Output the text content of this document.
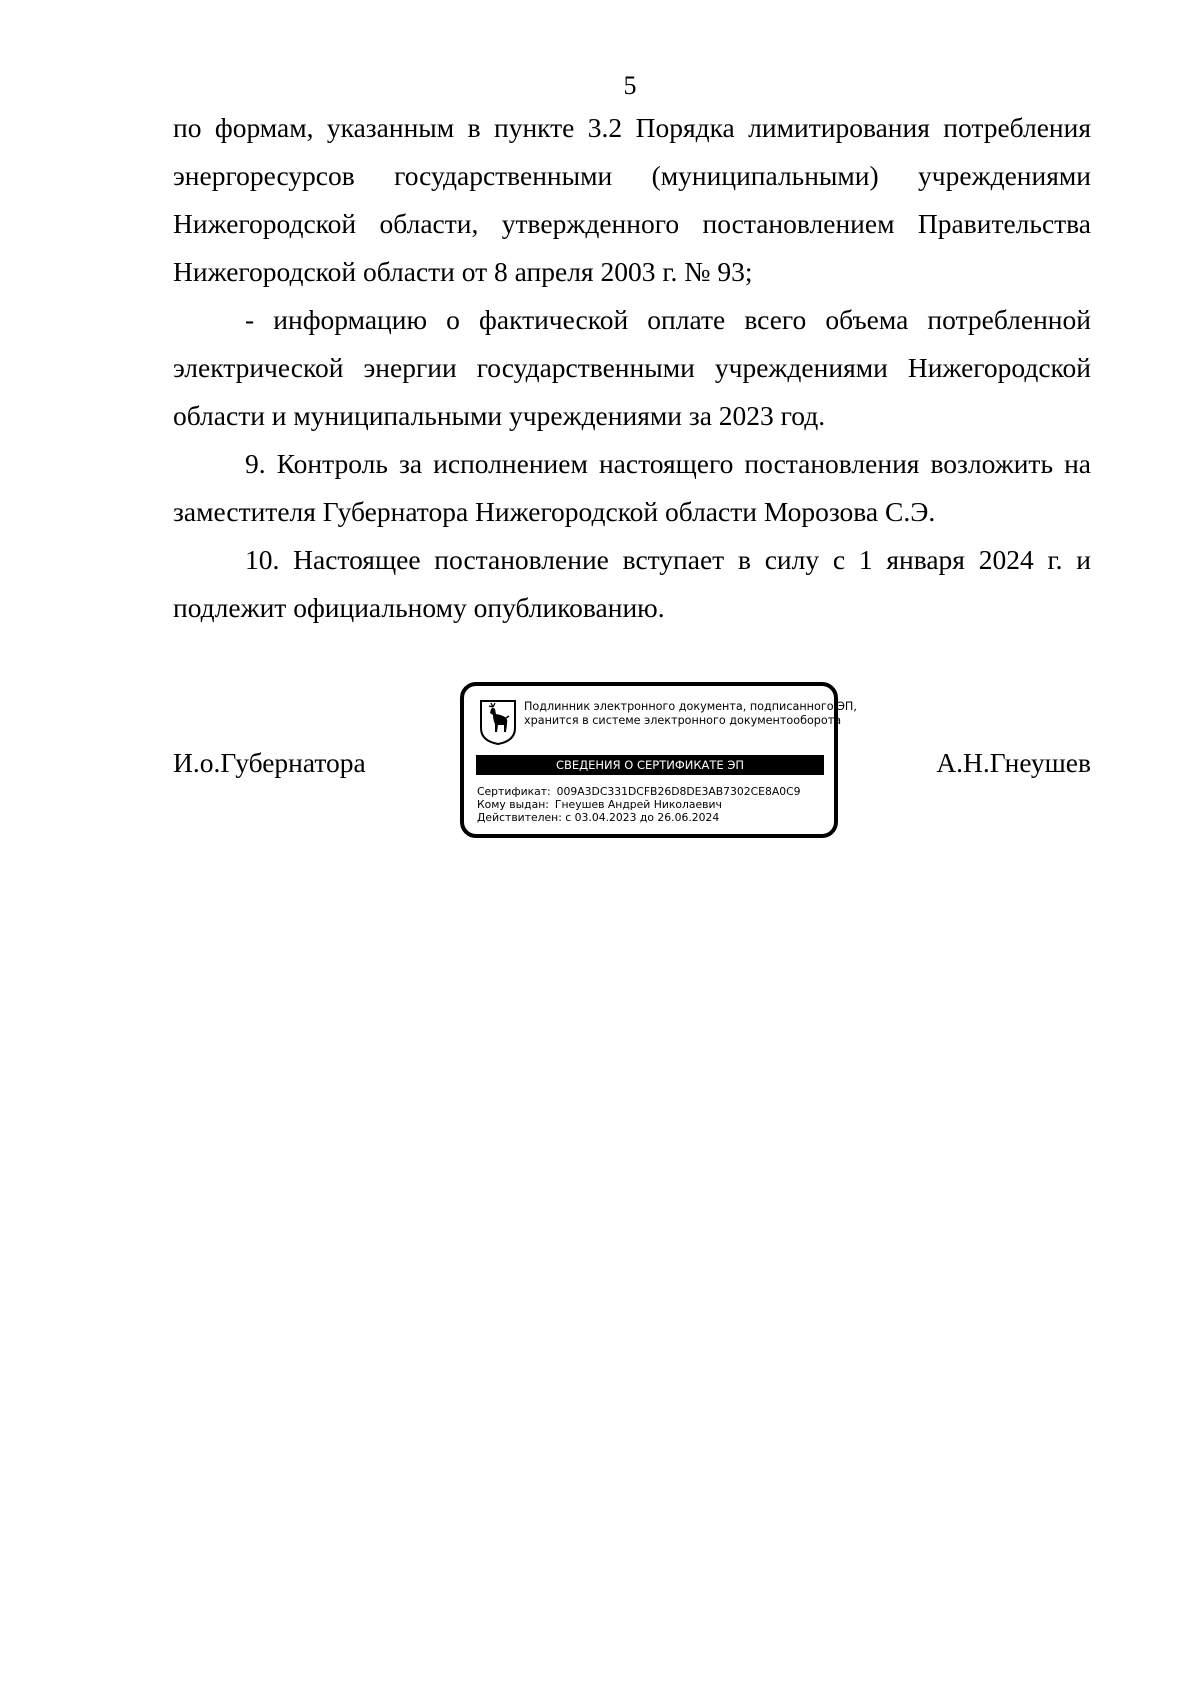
5

по формам, указанным в пункте 3.2 Порядка лимитирования потребления энергоресурсов государственными (муниципальными) учреждениями Нижегородской области, утвержденного постановлением Правительства Нижегородской области от 8 апреля 2003 г. № 93;

- информацию о фактической оплате всего объема потребленной электрической энергии государственными учреждениями Нижегородской области и муниципальными учреждениями за 2023 год.

9. Контроль за исполнением настоящего постановления возложить на заместителя Губернатора Нижегородской области Морозова С.Э.

10. Настоящее постановление вступает в силу с 1 января 2024 г. и подлежит официальному опубликованию.

И.о.Губернатора
Подлинник электронного документа, подписанного ЭП,
хранится в системе электронного документооборота
СВЕДЕНИЯ О СЕРТИФИКАТЕ ЭП
Сертификат: 009A3DC331DCFB26D8DE3AB7302CE8A0C9
Кому выдан: Гнеушев Андрей Николаевич
Действителен: с 03.04.2023 до 26.06.2024
А.Н.Гнеушев
